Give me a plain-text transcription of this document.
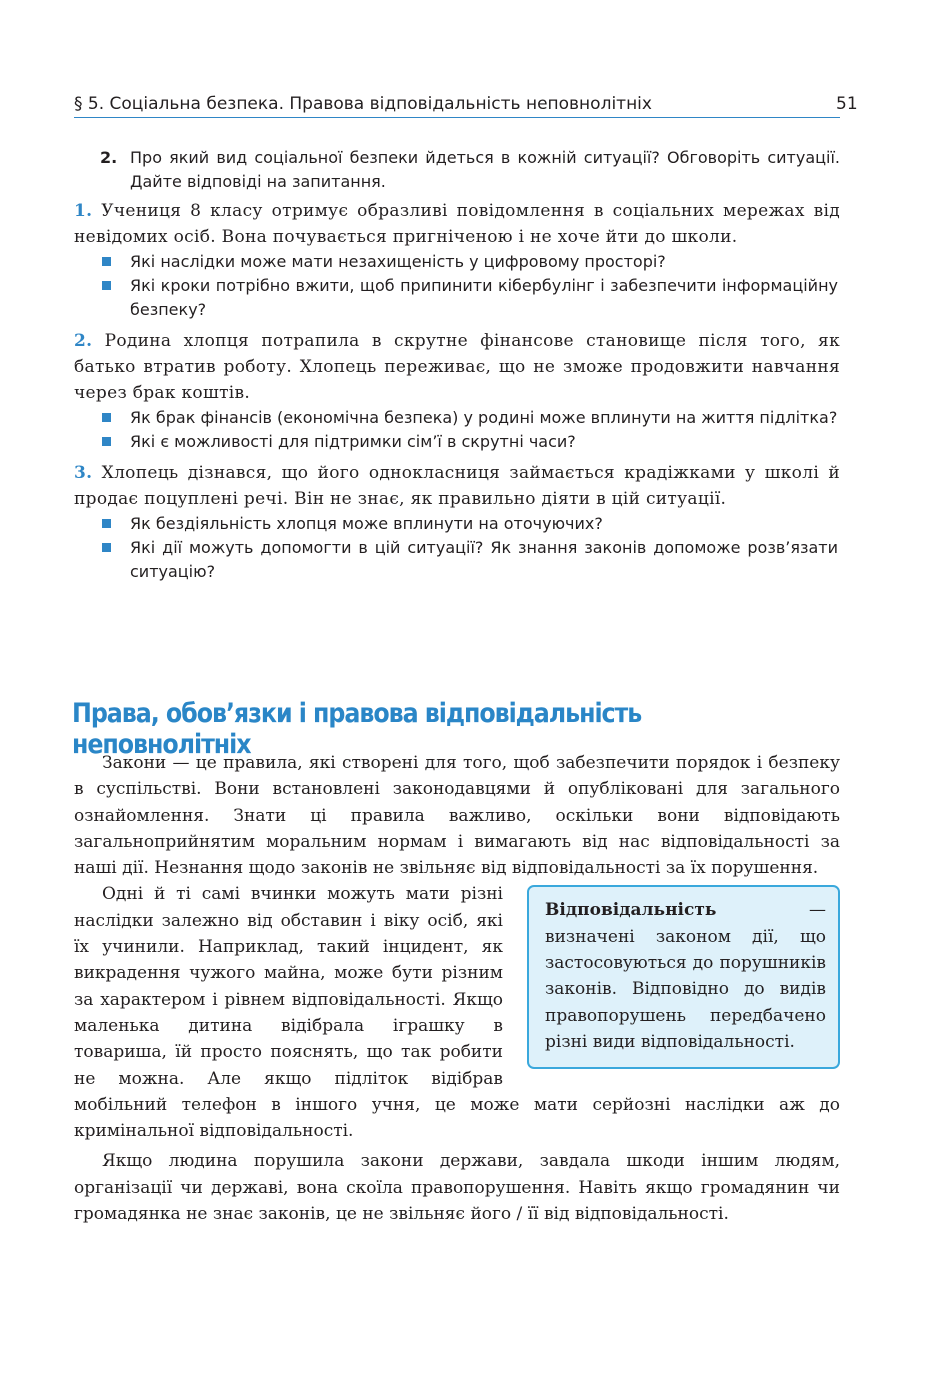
§ 5. Соціальна безпека. Правова відповідальність неповнолітніх	51
2. Про який вид соціальної безпеки йдеться в кожній ситуації? Обговоріть ситуації. Дайте відповіді на запитання.

1. Учениця 8 класу отримує образливі повідомлення в соціальних мережах від невідомих осіб. Вона почувається пригніченою і не хоче йти до школи.

Які наслідки може мати незахищеність у цифровому просторі?
Які кроки потрібно вжити, щоб припинити кібербулінг і забезпечити інформаційну безпеку?

2. Родина хлопця потрапила в скрутне фінансове становище після того, як батько втратив роботу. Хлопець переживає, що не зможе продовжити навчання через брак коштів.

Як брак фінансів (економічна безпека) у родині може вплинути на життя підлітка?
Які є можливості для підтримки сім’ї в скрутні часи?

3. Хлопець дізнався, що його однокласниця займається крадіжками у школі й продає поцуплені речі. Він не знає, як правильно діяти в цій ситуації.

Як бездіяльність хлопця може вплинути на оточуючих?
Які дії можуть допомогти в цій ситуації? Як знання законів допоможе розв’язати ситуацію?
Права, обов’язки і правова відповідальність неповнолітніх

Закони — це правила, які створені для того, щоб забезпечити порядок і безпеку в суспільстві. Вони встановлені законодавцями й опубліковані для загального ознайомлення. Знати ці правила важливо, оскільки вони відповідають загальноприйнятим моральним нормам і вимагають від нас відповідальності за наші дії. Незнання щодо законів не звільняє від відповідальності за їх порушення.

Відповідальність — визначені законом дії, що застосовуються до порушників законів. Відповідно до видів правопорушень передбачено різні види відповідальності.

Одні й ті самі вчинки можуть мати різні наслідки залежно від обставин і віку осіб, які їх учинили. Наприклад, такий інцидент, як викрадення чужого майна, може бути різним за характером і рівнем відповідальності. Якщо маленька дитина відібрала іграшку в товариша, їй просто пояснять, що так робити не можна. Але якщо підліток відібрав мобільний телефон в іншого учня, це може мати серйозні наслідки аж до кримінальної відповідальності.

Якщо людина порушила закони держави, завдала шкоди іншим людям, організації чи державі, вона скоїла правопорушення. Навіть якщо громадянин чи громадянка не знає законів, це не звільняє його / її від відповідальності.
